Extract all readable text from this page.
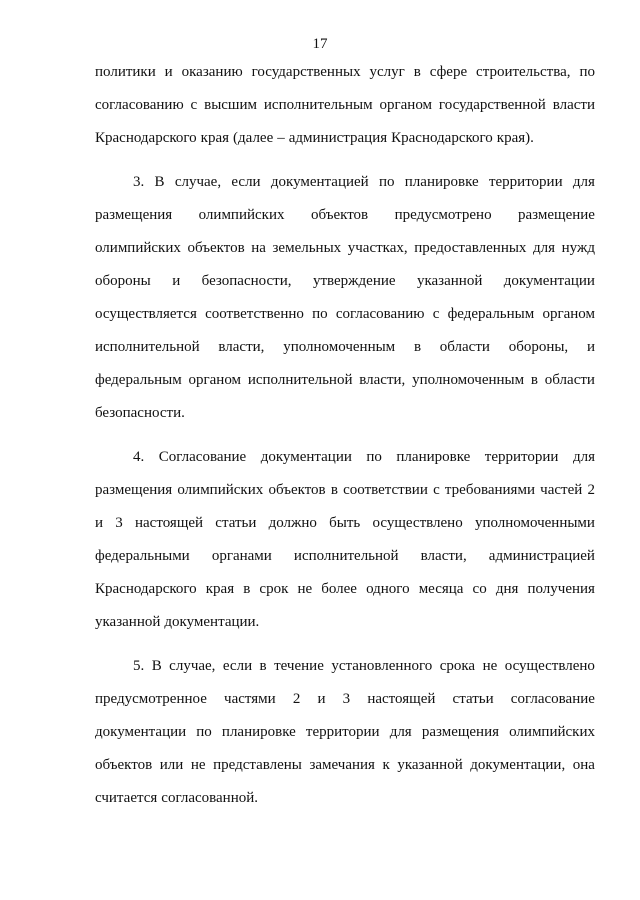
17
политики и оказанию государственных услуг в сфере строительства, по
согласованию с высшим исполнительным органом государственной власти
Краснодарского края (далее – администрация Краснодарского края).
3. В случае, если документацией по планировке территории для
размещения олимпийских объектов предусмотрено размещение
олимпийских объектов на земельных участках, предоставленных для нужд
обороны и безопасности, утверждение указанной документации
осуществляется соответственно по согласованию с федеральным органом
исполнительной власти, уполномоченным в области обороны, и
федеральным органом исполнительной власти, уполномоченным в области
безопасности.
4. Согласование документации по планировке территории для
размещения олимпийских объектов в соответствии с требованиями частей 2
и 3 настоящей статьи должно быть осуществлено уполномоченными
федеральными органами исполнительной власти, администрацией
Краснодарского края в срок не более одного месяца со дня получения
указанной документации.
5. В случае, если в течение установленного срока не осуществлено
предусмотренное частями 2 и 3 настоящей статьи согласование
документации по планировке территории для размещения олимпийских
объектов или не представлены замечания к указанной документации, она
считается согласованной.
